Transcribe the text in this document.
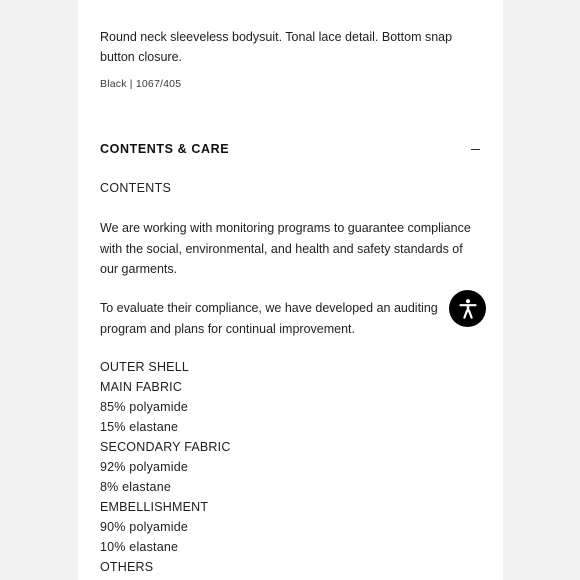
Round neck sleeveless bodysuit. Tonal lace detail. Bottom snap button closure.
Black | 1067/405
CONTENTS & CARE
CONTENTS
We are working with monitoring programs to guarantee compliance with the social, environmental, and health and safety standards of our garments.
To evaluate their compliance, we have developed an auditing program and plans for continual improvement.
OUTER SHELL
MAIN FABRIC
85% polyamide
15% elastane
SECONDARY FABRIC
92% polyamide
8% elastane
EMBELLISHMENT
90% polyamide
10% elastane
OTHERS
